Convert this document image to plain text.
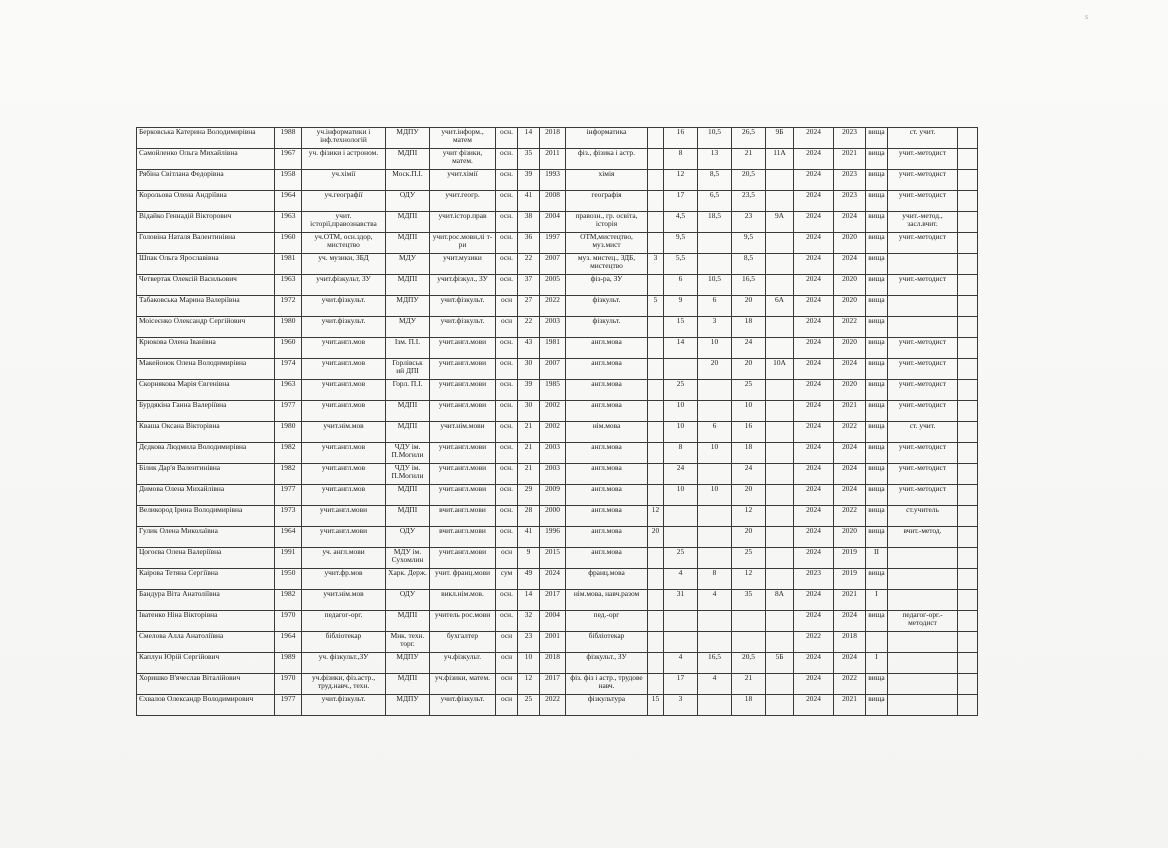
s
Берковська Катерина Володимирівна	1988	уч.інформатики і інф.технологій	МДПУ	учит.інформ., матем	осн.	14	2018	інформатика		16	10,5	26,5	9Б	2024	2023	вища	ст. учит.	
Самойленко Ольга Михайлівна	1967	уч. фізики і астроном.	МДПІ	учит фізики, матем.	осн.	35	2011	фіз., фізика і астр.		8	13	21	11А	2024	2021	вища	учит.-методист	
Рябіна Світлана Федорівна	1958	уч.хімії	Моск.П.І.	учит.хімії	осн.	39	1993	хімія		12	8,5	20,5		2024	2023	вища	учит.-методист	
Корольова Олена Андріївна	1964	уч.географії	ОДУ	учит.геогр.	осн.	41	2008	географія		17	6,5	23,5		2024	2023	вища	учит.-методист	
Відайко Геннадій Вікторович	1963	учит. історії,правознавства	МДПІ	учит.істор.прав	осн.	38	2004	правозн., гр. освіта, історія		4,5	18,5	23	9А	2024	2024	вища	учит.-метод., засл.вчит.	
Головіна Наталя Валентинівна	1960	уч.ОТМ, осн.здор, мистецтво	МДПІ	учит.рос.мови,лі т-ри	осн.	36	1997	ОТМ,мистецтво, муз.мист		9,5		9,5		2024	2020	вища	учит.-методист	
Шпак Ольга Ярославівна	1981	уч. музики, ЗБД	МДУ	учит.музики	осн.	22	2007	муз. мистец., ЗДБ, мистецтво	3	5,5		8,5		2024	2024	вища		
Четвертак Олексій Васильович	1963	учит.фізкульт, ЗУ	МДПІ	учит.фізкул., ЗУ	осн.	37	2005	фіз-ра, ЗУ		6	10,5	16,5		2024	2020	вища	учит.-методист	
Табаковська Марина Валеріївна	1972	учит.фізкульт.	МДПУ	учит.фізкульт.	осн	27	2022	фізкульт.	5	9	6	20	6А	2024	2020	вища		
Моісеєнко Олександр Сергійович	1980	учит.фізкульт.	МДУ	учит.фізкульт.	осн	22	2003	фізкульт.		15	3	18		2024	2022	вища		
Крюкова Олена Іванівна	1960	учит.англ.мов	Ізм. П.І.	учит.англ.мови	осн.	43	1981	англ.мова		14	10	24		2024	2020	вища	учит.-методист	
Макейонок Олена Володимирівна	1974	учит.англ.мов	Горлівськ ий ДПІ	учит.англ.мови	осн.	30	2007	англ.мова			20	20	10А	2024	2024	вища	учит.-методист	
Скорнякова Марія Євгенівна	1963	учит.англ.мов	Горл. П.І.	учит.англ.мови	осн.	39	1985	англ.мова		25		25		2024	2020	вища	учит.-методист	
Бурдякіна Ганна Валеріївна	1977	учит.англ.мов	МДПІ	учит.англ.мови	осн.	30	2002	англ.мова		10		10		2024	2021	вища	учит.-методист	
Кваша Оксана Вікторівна	1980	учит.нім.мов	МДПІ	учит.нім.мови	осн.	21	2002	нім.мова		10	6	16		2024	2022	вища	ст. учит.	
Дєдкова Людмила Володимирівна	1982	учит.англ.мов	ЧДУ ім. П.Могили	учит.англ.мови	осн.	21	2003	англ.мова		8	10	18		2024	2024	вища	учит.-методист	
Білик Дар'я Валентинівна	1982	учит.англ.мов	ЧДУ ім. П.Могили	учит.англ.мови	осн.	21	2003	англ.мова		24		24		2024	2024	вища	учит.-методист	
Димова Олена Михайлівна	1977	учит.англ.мов	МДПІ	учит.англ.мови	осн.	29	2009	англ.мова		10	10	20		2024	2024	вища	учит.-методист	
Великород Ірина Володимирівна	1973	учит.англ.мови	МДПІ	вчит.англ.мови	осн.	28	2000	англ.мова	12			12		2024	2022	вища	ст.учитель	
Гулик Олена Миколаївна	1964	учит.англ.мови	ОДУ	вчит.англ.мови	осн.	41	1996	англ.мова	20			20		2024	2020	вища	вчит.-метод.	
Цогоєва Олена Валеріївна	1991	уч. англ.мови	МДУ ім. Сухомлин	учит.англ.мови	осн	9	2015	англ.мова		25		25		2024	2019	II		
Каірова Тетяна Сергіївна	1950	учит.фр.мов	Харк. Держ.	учит. франц.мови	сум	49	2024	франц.мова		4	8	12		2023	2019	вища		
Бандура Віта Анатоліївна	1982	учит.нім.мов	ОДУ	викл.нім.мов.	осн.	14	2017	нім.мова, навч.разом		31	4	35	8А	2024	2021	І		
Іватенко Ніна Вікторівна	1970	педагог-орг.	МДПІ	учитель рос.мови	осн.	32	2004	пед.-орг						2024	2024	вища	педагог-орг.-методист	
Смелова Алла Анатоліївна	1964	бібліотекар	Мик. техн. торг.	бухгалтер	осн	23	2001	бібліотекар						2022	2018			
Каплун Юрій Сергійович	1989	уч. фізкульт.,ЗУ	МДПУ	уч.фізкульт.	осн	10	2018	фізкульт., ЗУ		4	16,5	20,5	5Б	2024	2024	І		
Хоришко В'ячеслав Віталійович	1970	уч.фізики, фіз.астр., труд.навч., техн.	МДПІ	уч.фізики, матем.	осн	12	2017	фіз. фіз і астр., трудове навч.		17	4	21		2024	2022	вища		
Єхвалов Олександр Володимирович	1977	учит.фізкульт.	МДПУ	учит.фізкульт.	осн	25	2022	фізкультура	15	3		18		2024	2021	вища		
